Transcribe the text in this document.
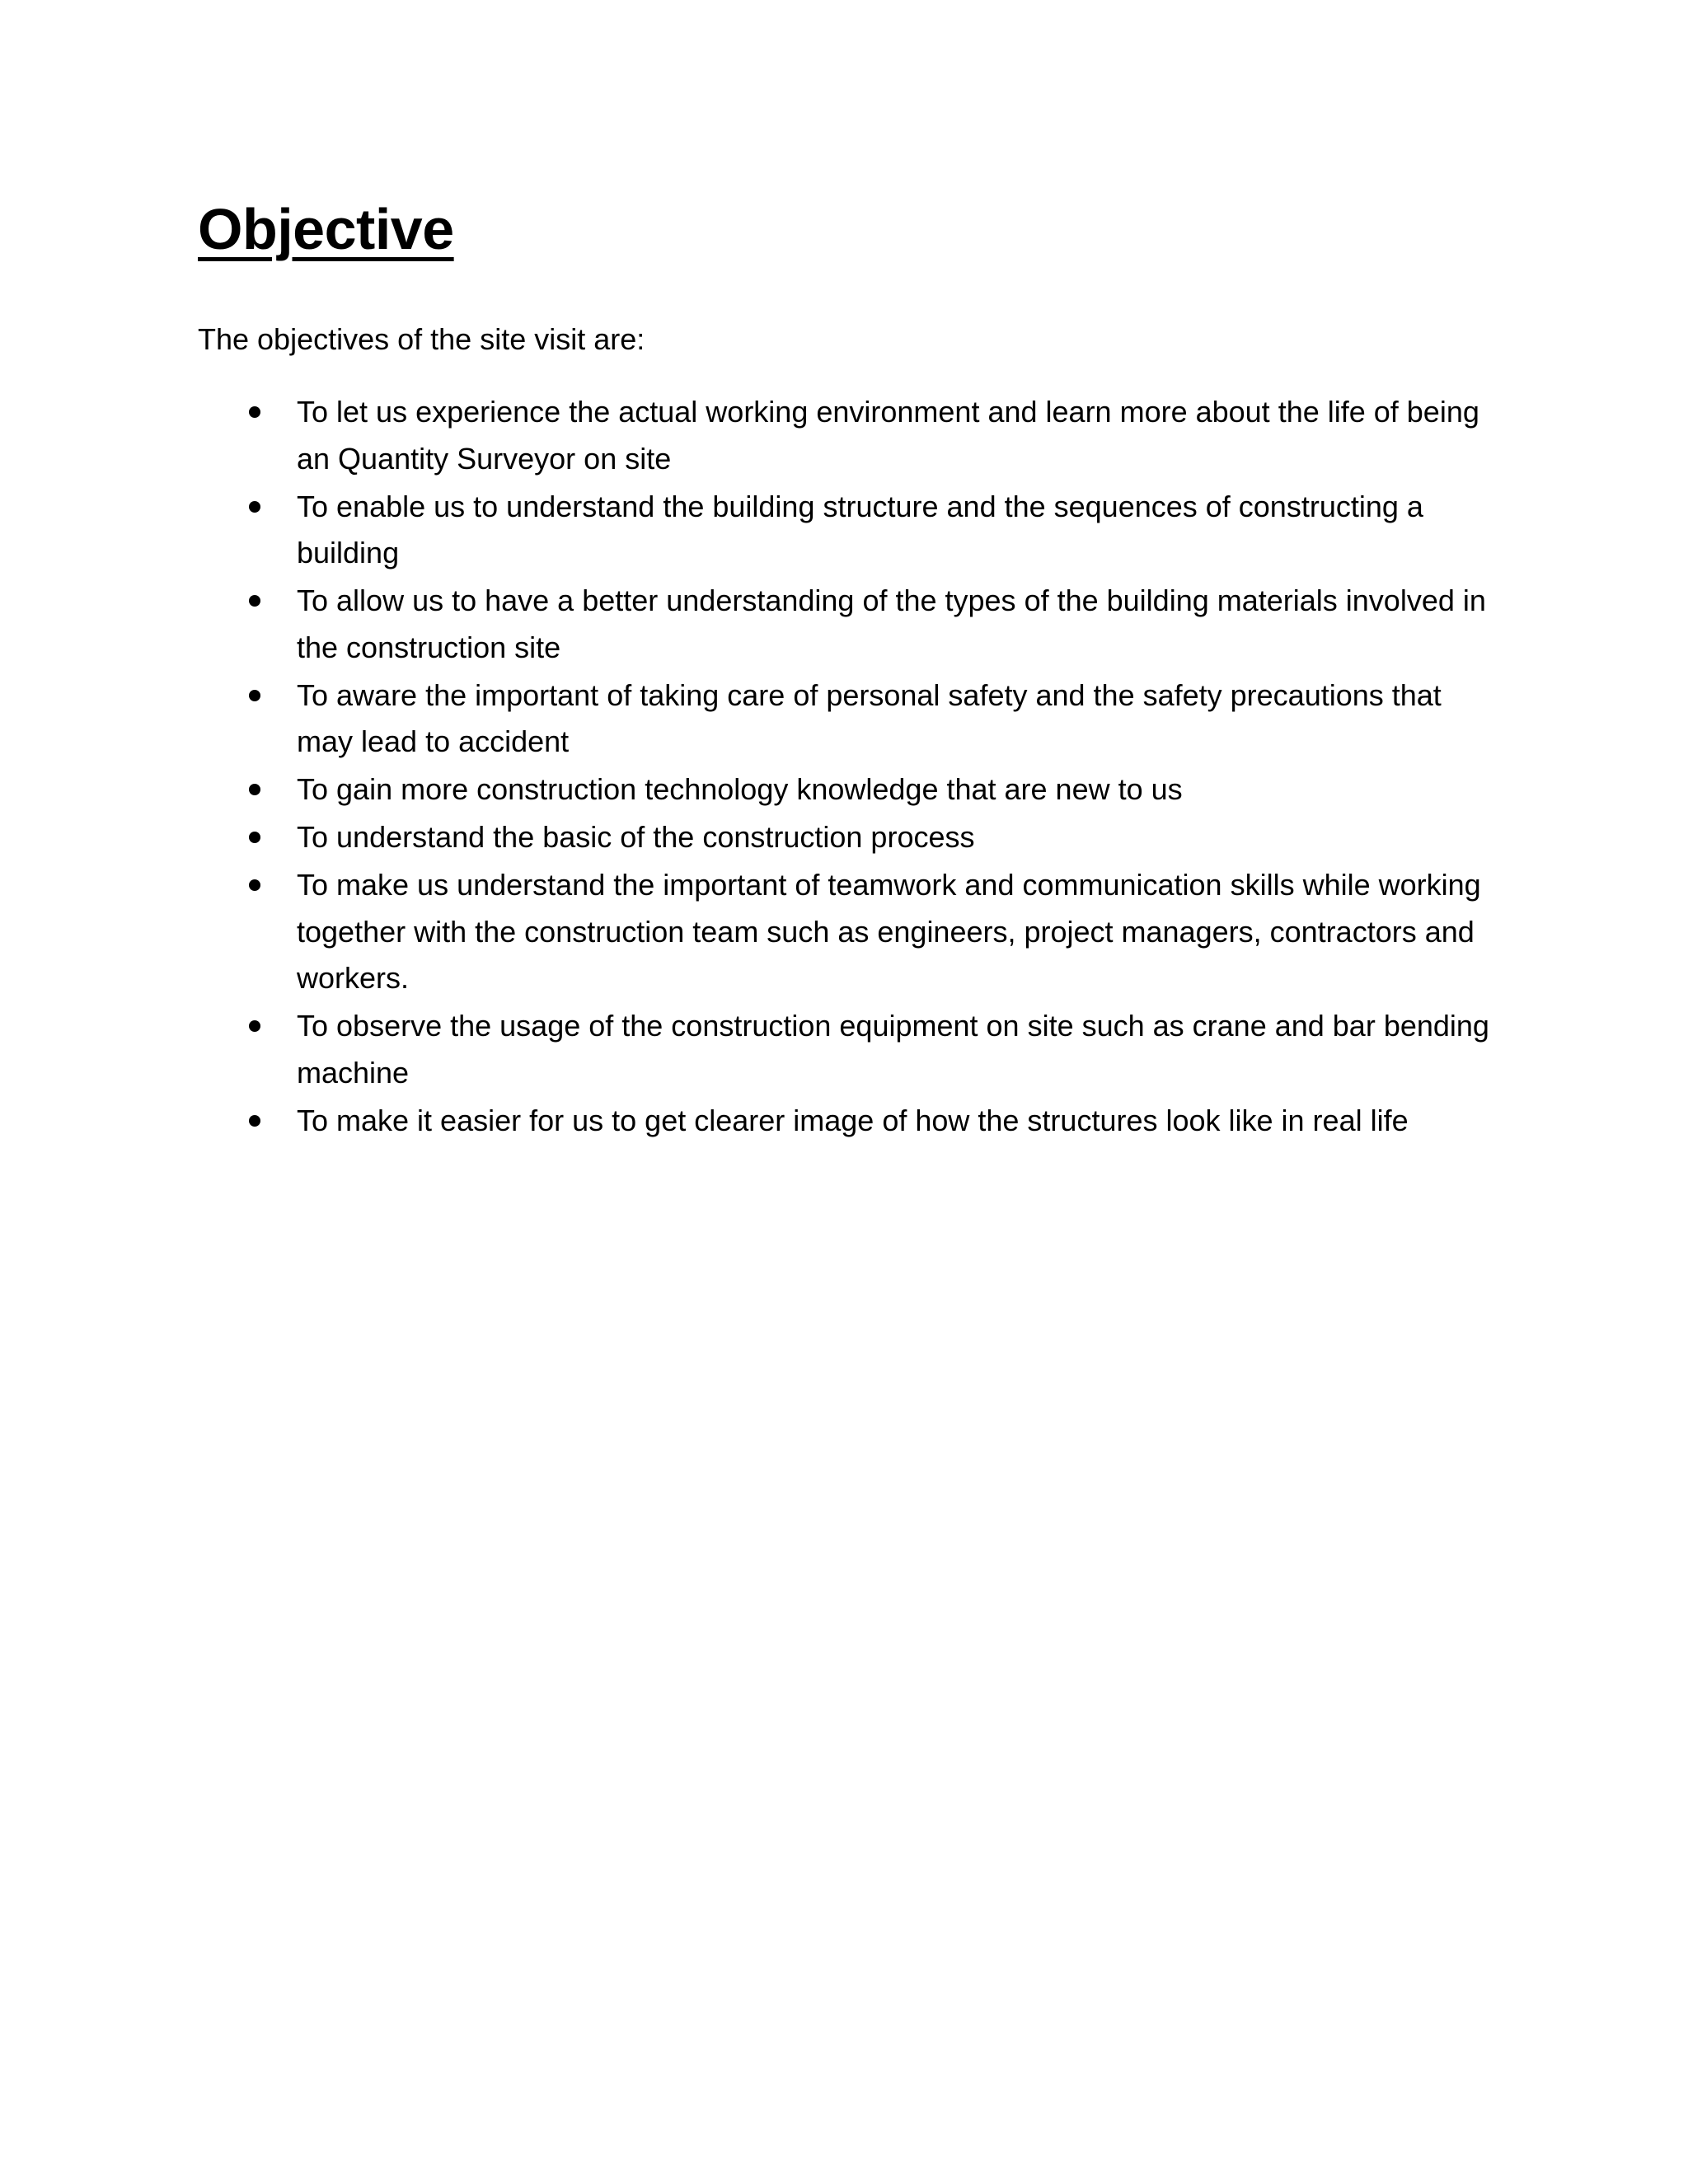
Objective

The objectives of the site visit are:

To let us experience the actual working environment and learn more about the life of being an Quantity Surveyor on site
To enable us to understand the building structure and the sequences of constructing a building
To allow us to have a better understanding of the types of the building materials involved in the construction site
To aware the important of taking care of personal safety and the safety precautions that may lead to accident
To gain more construction technology knowledge that are new to us
To understand the basic of the construction process
To make us understand the important of teamwork and communication skills while working together with the construction team such as engineers, project managers, contractors and workers.
To observe the usage of the construction equipment on site such as crane and bar bending machine
To make it easier for us to get clearer image of how the structures look like in real life
